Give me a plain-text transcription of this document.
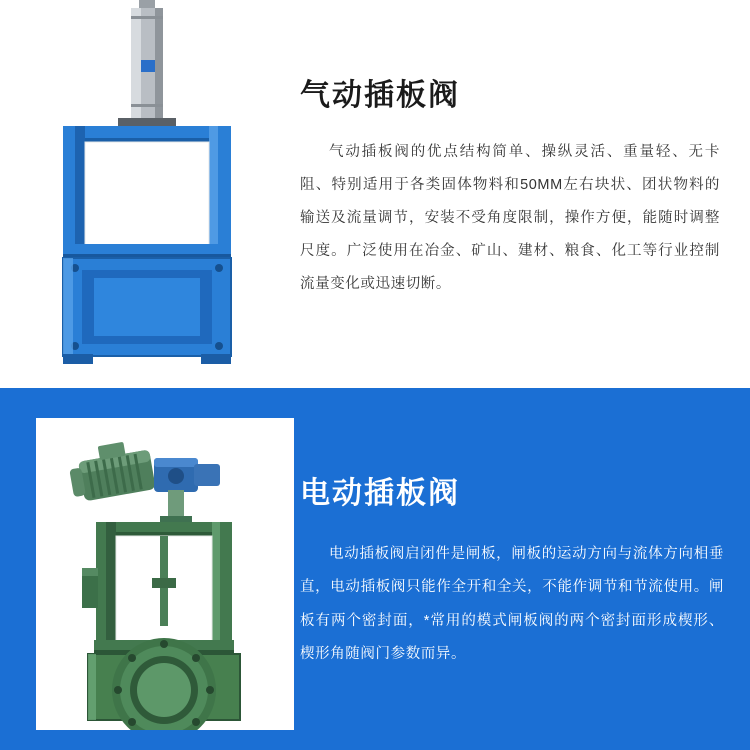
气动插板阀
气动插板阀的优点结构简单、操纵灵活、重量轻、无卡阻、特别适用于各类固体物料和50MM左右块状、团状物料的输送及流量调节，安装不受角度限制，操作方便，能随时调整尺度。广泛使用在冶金、矿山、建材、粮食、化工等行业控制流量变化或迅速切断。
电动插板阀
电动插板阀启闭件是闸板，闸板的运动方向与流体方向相垂直，电动插板阀只能作全开和全关，不能作调节和节流使用。闸板有两个密封面，*常用的模式闸板阀的两个密封面形成楔形、楔形角随阀门参数而异。
